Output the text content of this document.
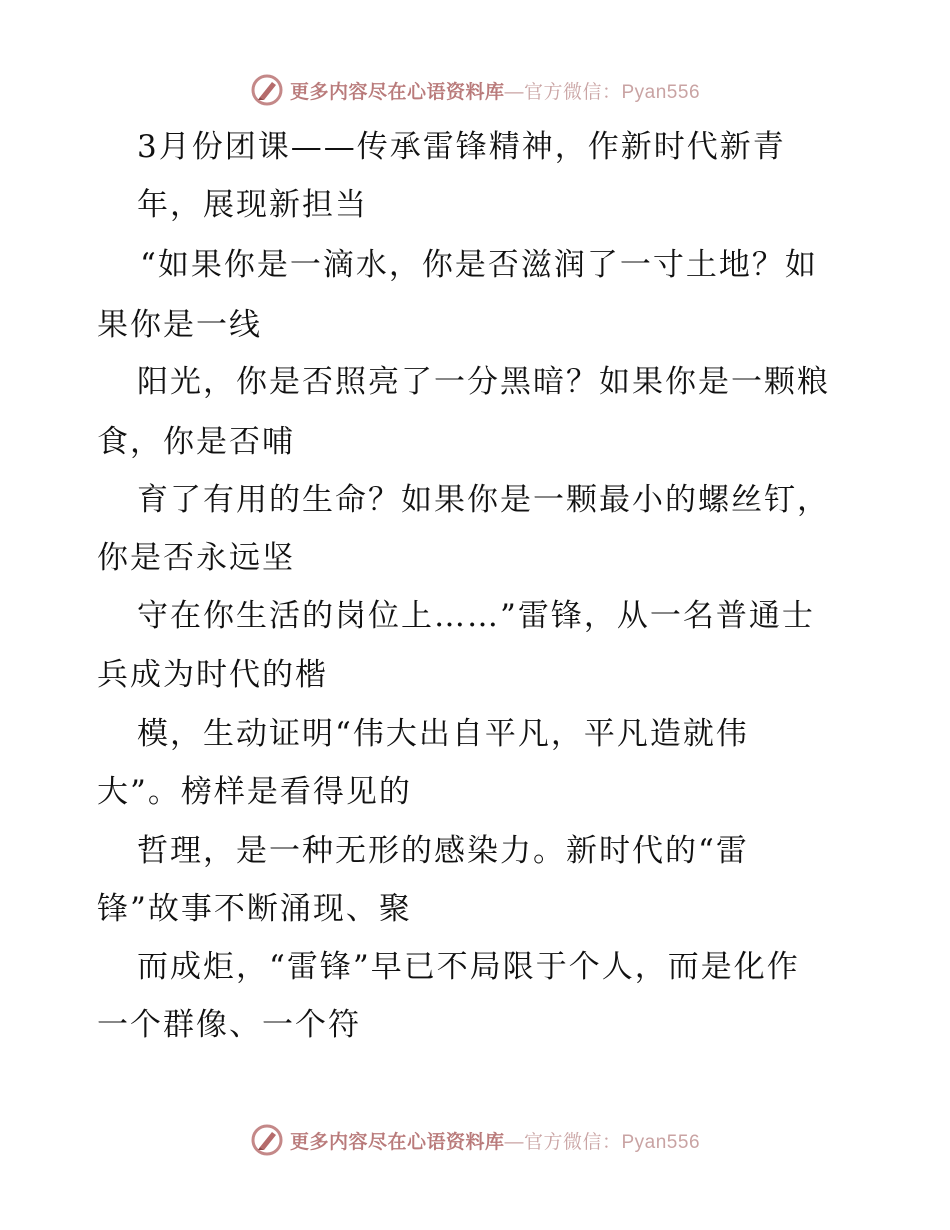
更多内容尽在心语资料库—官方微信：Pyan556
3月份团课——传承雷锋精神，作新时代新青
年，展现新担当
“如果你是一滴水，你是否滋润了一寸土地？如
果你是一线
阳光，你是否照亮了一分黑暗？如果你是一颗粮
食，你是否哺
育了有用的生命？如果你是一颗最小的螺丝钉，
你是否永远坚
守在你生活的岗位上……”雷锋，从一名普通士
兵成为时代的楷
模，生动证明“伟大出自平凡，平凡造就伟
大”。榜样是看得见的
哲理，是一种无形的感染力。新时代的“雷
锋”故事不断涌现、聚
而成炬，“雷锋”早已不局限于个人，而是化作
一个群像、一个符
更多内容尽在心语资料库—官方微信：Pyan556
